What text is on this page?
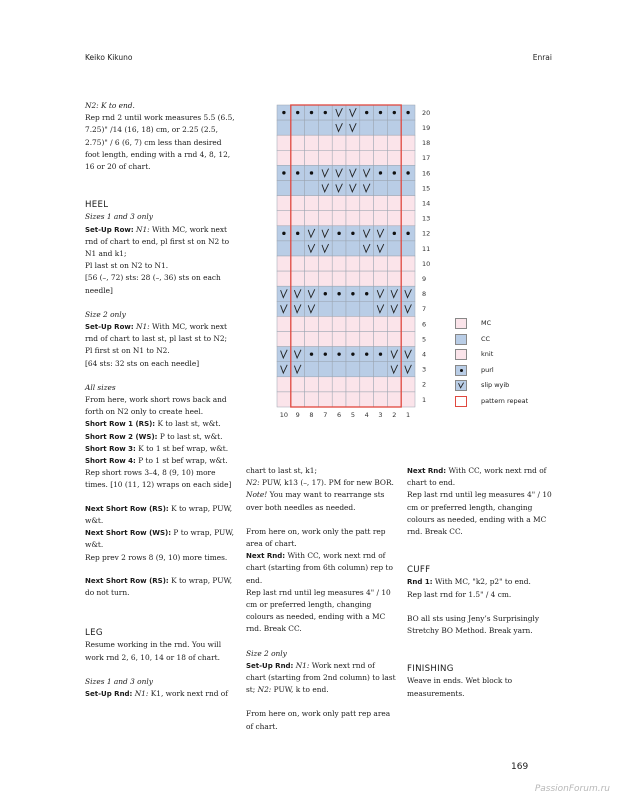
Keiko Kikuno	Enrai

N2: K to end.

Rep rnd 2 until work measures 5.5 (6.5, 7.25)" /14 (16, 18) cm, or 2.25 (2.5, 2.75)" / 6 (6, 7) cm less than desired foot length, ending with a rnd 4, 8, 12, 16 or 20 of chart.

HEEL

Sizes 1 and 3 only

Set-Up Row: N1: With MC, work next rnd of chart to end, pl first st on N2 to N1 and k1;

Pl last st on N2 to N1.

[56 (–, 72) sts: 28 (–, 36) sts on each needle]

Size 2 only

Set-Up Row: N1: With MC, work next rnd of chart to last st, pl last st to N2;

Pl first st on N1 to N2.

[64 sts: 32 sts on each needle]

All sizes

From here, work short rows back and forth on N2 only to create heel.

Short Row 1 (RS): K to last st, w&t.

Short Row 2 (WS): P to last st, w&t.

Short Row 3: K to 1 st bef wrap, w&t.

Short Row 4: P to 1 st bef wrap, w&t.

Rep short rows 3–4, 8 (9, 10) more times. [10 (11, 12) wraps on each side]

Next Short Row (RS): K to wrap, PUW, w&t.

Next Short Row (WS): P to wrap, PUW, w&t.

Rep prev 2 rows 8 (9, 10) more times.

Next Short Row (RS): K to wrap, PUW, do not turn.

LEG

Resume working in the rnd. You will work rnd 2, 6, 10, 14 or 18 of chart.

Sizes 1 and 3 only

Set-Up Rnd: N1: K1, work next rnd of

chart to last st, k1;

N2: PUW, k13 (–, 17). PM for new BOR.

Note! You may want to rearrange sts over both needles as needed.

From here on, work only the patt rep area of chart.

Next Rnd: With CC, work next rnd of chart (starting from 6th column) rep to end.

Rep last rnd until leg measures 4" / 10 cm or preferred length, changing colours as needed, ending with a MC rnd. Break CC.

Size 2 only

Set-Up Rnd: N1: Work next rnd of chart (starting from 2nd column) to last st; N2: PUW, k to end.

From here on, work only patt rep area of chart.

Next Rnd: With CC, work next rnd of chart to end.

Rep last rnd until leg measures 4" / 10 cm or preferred length, changing colours as needed, ending with a MC rnd. Break CC.

CUFF

Rnd 1: With MC, "k2, p2" to end.

Rep last rnd for 1.5" / 4 cm.

BO all sts using Jeny’s Surprisingly Stretchy BO Method. Break yarn.

FINISHING

Weave in ends. Wet block to measurements.

20
19
18
17
16
15
14
13
12
11
10
9
8
7
6
5
4
3
2
1
10 9 8 7 6 5 4 3 2 1
MC
CC
knit
purl
slip wyib
pattern repeat
169
PassionForum.ru
